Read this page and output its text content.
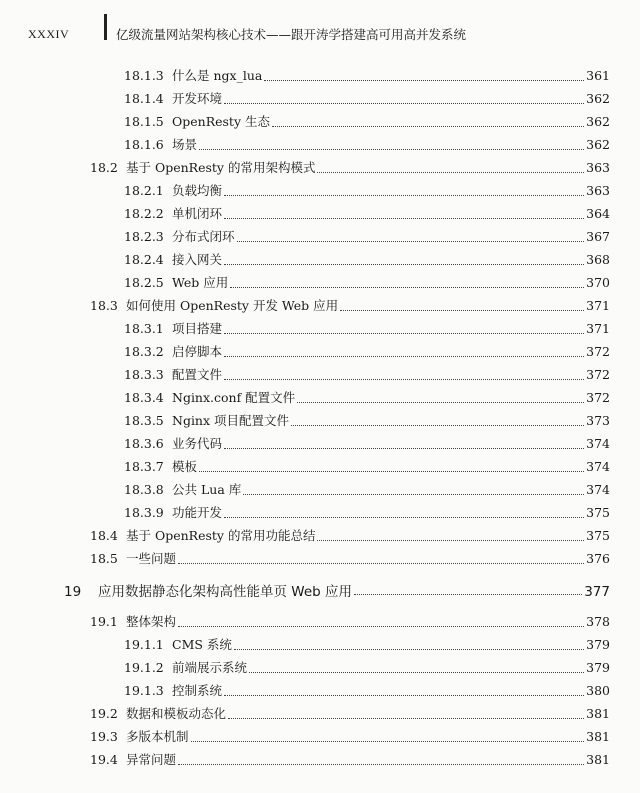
XXXIV	亿级流量网站架构核心技术——跟开涛学搭建高可用高并发系统
18.1.3 什么是 ngx_lua	361
18.1.4 开发环境	362
18.1.5 OpenResty 生态	362
18.1.6 场景	362
18.2 基于 OpenResty 的常用架构模式	363
18.2.1 负载均衡	363
18.2.2 单机闭环	364
18.2.3 分布式闭环	367
18.2.4 接入网关	368
18.2.5 Web 应用	370
18.3 如何使用 OpenResty 开发 Web 应用	371
18.3.1 项目搭建	371
18.3.2 启停脚本	372
18.3.3 配置文件	372
18.3.4 Nginx.conf 配置文件	372
18.3.5 Nginx 项目配置文件	373
18.3.6 业务代码	374
18.3.7 模板	374
18.3.8 公共 Lua 库	374
18.3.9 功能开发	375
18.4 基于 OpenResty 的常用功能总结	375
18.5 一些问题	376
19	应用数据静态化架构高性能单页 Web 应用	377
19.1 整体架构	378
19.1.1 CMS 系统	379
19.1.2 前端展示系统	379
19.1.3 控制系统	380
19.2 数据和模板动态化	381
19.3 多版本机制	381
19.4 异常问题	381
